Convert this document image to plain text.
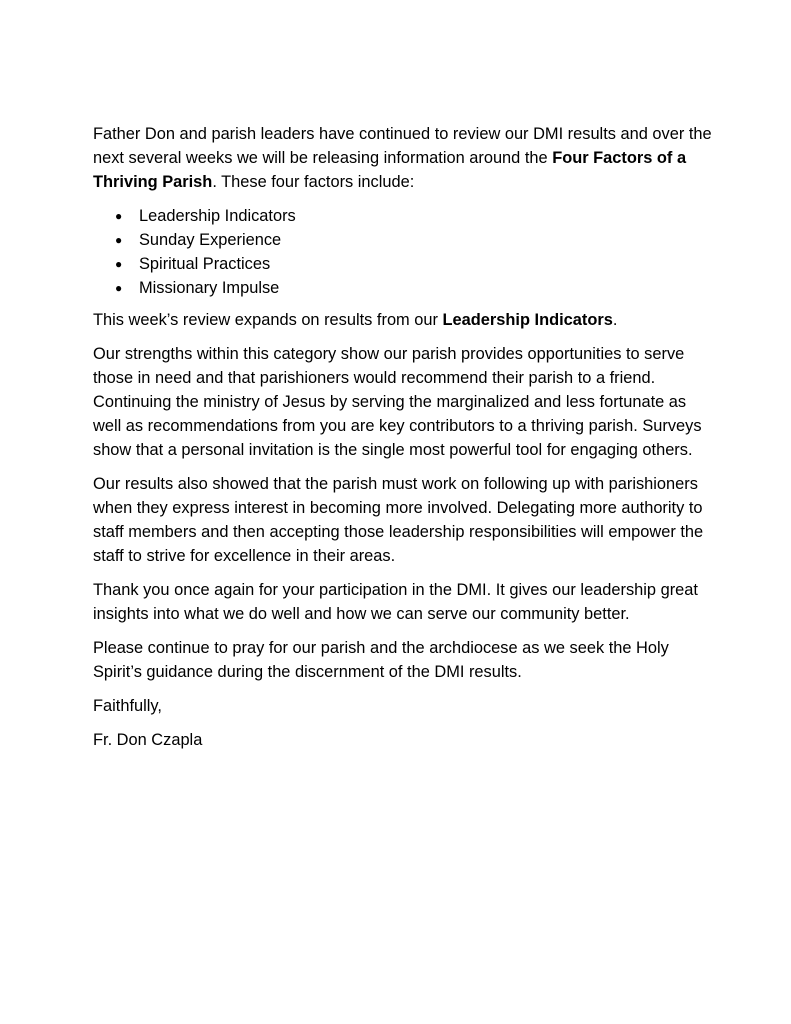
Father Don and parish leaders have continued to review our DMI results and over the next several weeks we will be releasing information around the Four Factors of a Thriving Parish. These four factors include:

● Leadership Indicators
● Sunday Experience
● Spiritual Practices
● Missionary Impulse

This week’s review expands on results from our Leadership Indicators.

Our strengths within this category show our parish provides opportunities to serve those in need and that parishioners would recommend their parish to a friend. Continuing the ministry of Jesus by serving the marginalized and less fortunate as well as recommendations from you are key contributors to a thriving parish. Surveys show that a personal invitation is the single most powerful tool for engaging others.

Our results also showed that the parish must work on following up with parishioners when they express interest in becoming more involved. Delegating more authority to staff members and then accepting those leadership responsibilities will empower the staff to strive for excellence in their areas.

Thank you once again for your participation in the DMI. It gives our leadership great insights into what we do well and how we can serve our community better.

Please continue to pray for our parish and the archdiocese as we seek the Holy Spirit’s guidance during the discernment of the DMI results.

Faithfully,

Fr. Don Czapla
